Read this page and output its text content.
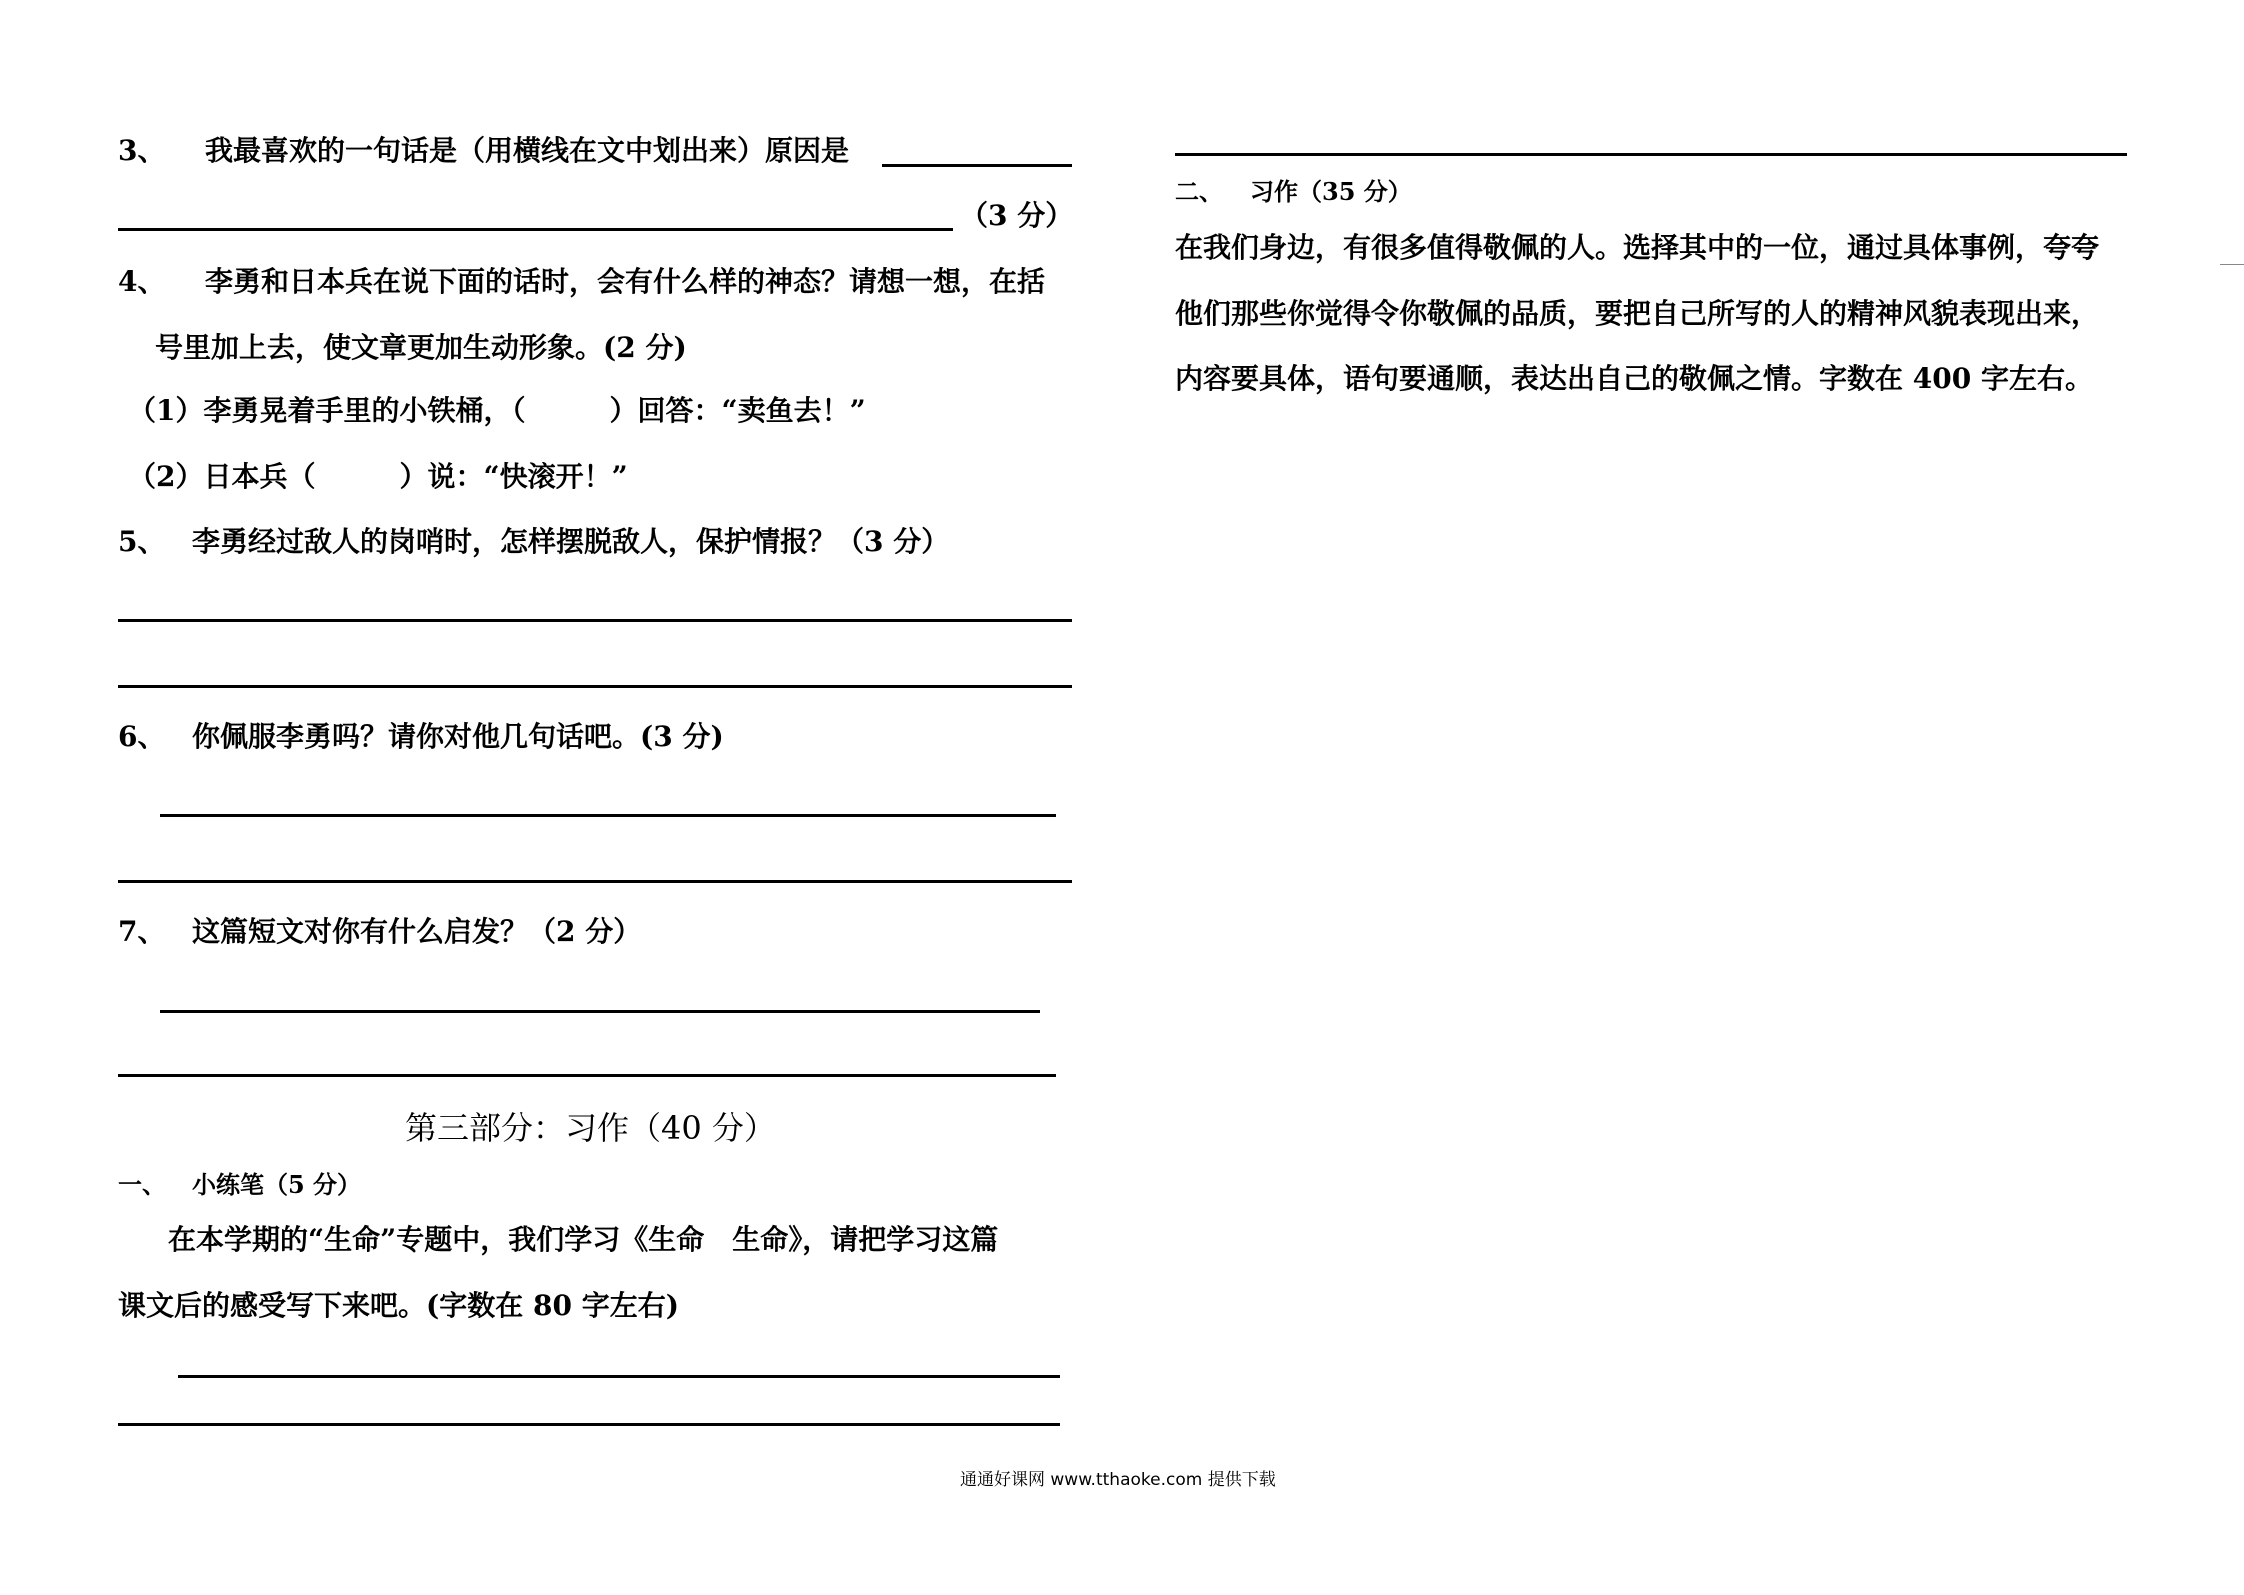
3、 我最喜欢的一句话是（用横线在文中划出来）原因是
（3 分）
4、 李勇和日本兵在说下面的话时，会有什么样的神态？请想一想，在括
号里加上去，使文章更加生动形象。(2 分)
（1）李勇晃着手里的小铁桶，（　　　）回答：“卖鱼去！”
（2）日本兵（　　　）说：“快滚开！”
5、 李勇经过敌人的岗哨时，怎样摆脱敌人，保护情报？（3 分）
6、 你佩服李勇吗？请你对他几句话吧。(3 分)
7、 这篇短文对你有什么启发？（2 分）
第三部分：习作（40 分）
一、 小练笔（5 分）
在本学期的“生命”专题中，我们学习《生命　生命》，请把学习这篇
课文后的感受写下来吧。(字数在 80 字左右)
二、 习作（35 分）
在我们身边，有很多值得敬佩的人。选择其中的一位，通过具体事例，夸夸
他们那些你觉得令你敬佩的品质，要把自己所写的人的精神风貌表现出来，
内容要具体，语句要通顺，表达出自己的敬佩之情。字数在 400 字左右。
通通好课网 www.tthaoke.com 提供下载
